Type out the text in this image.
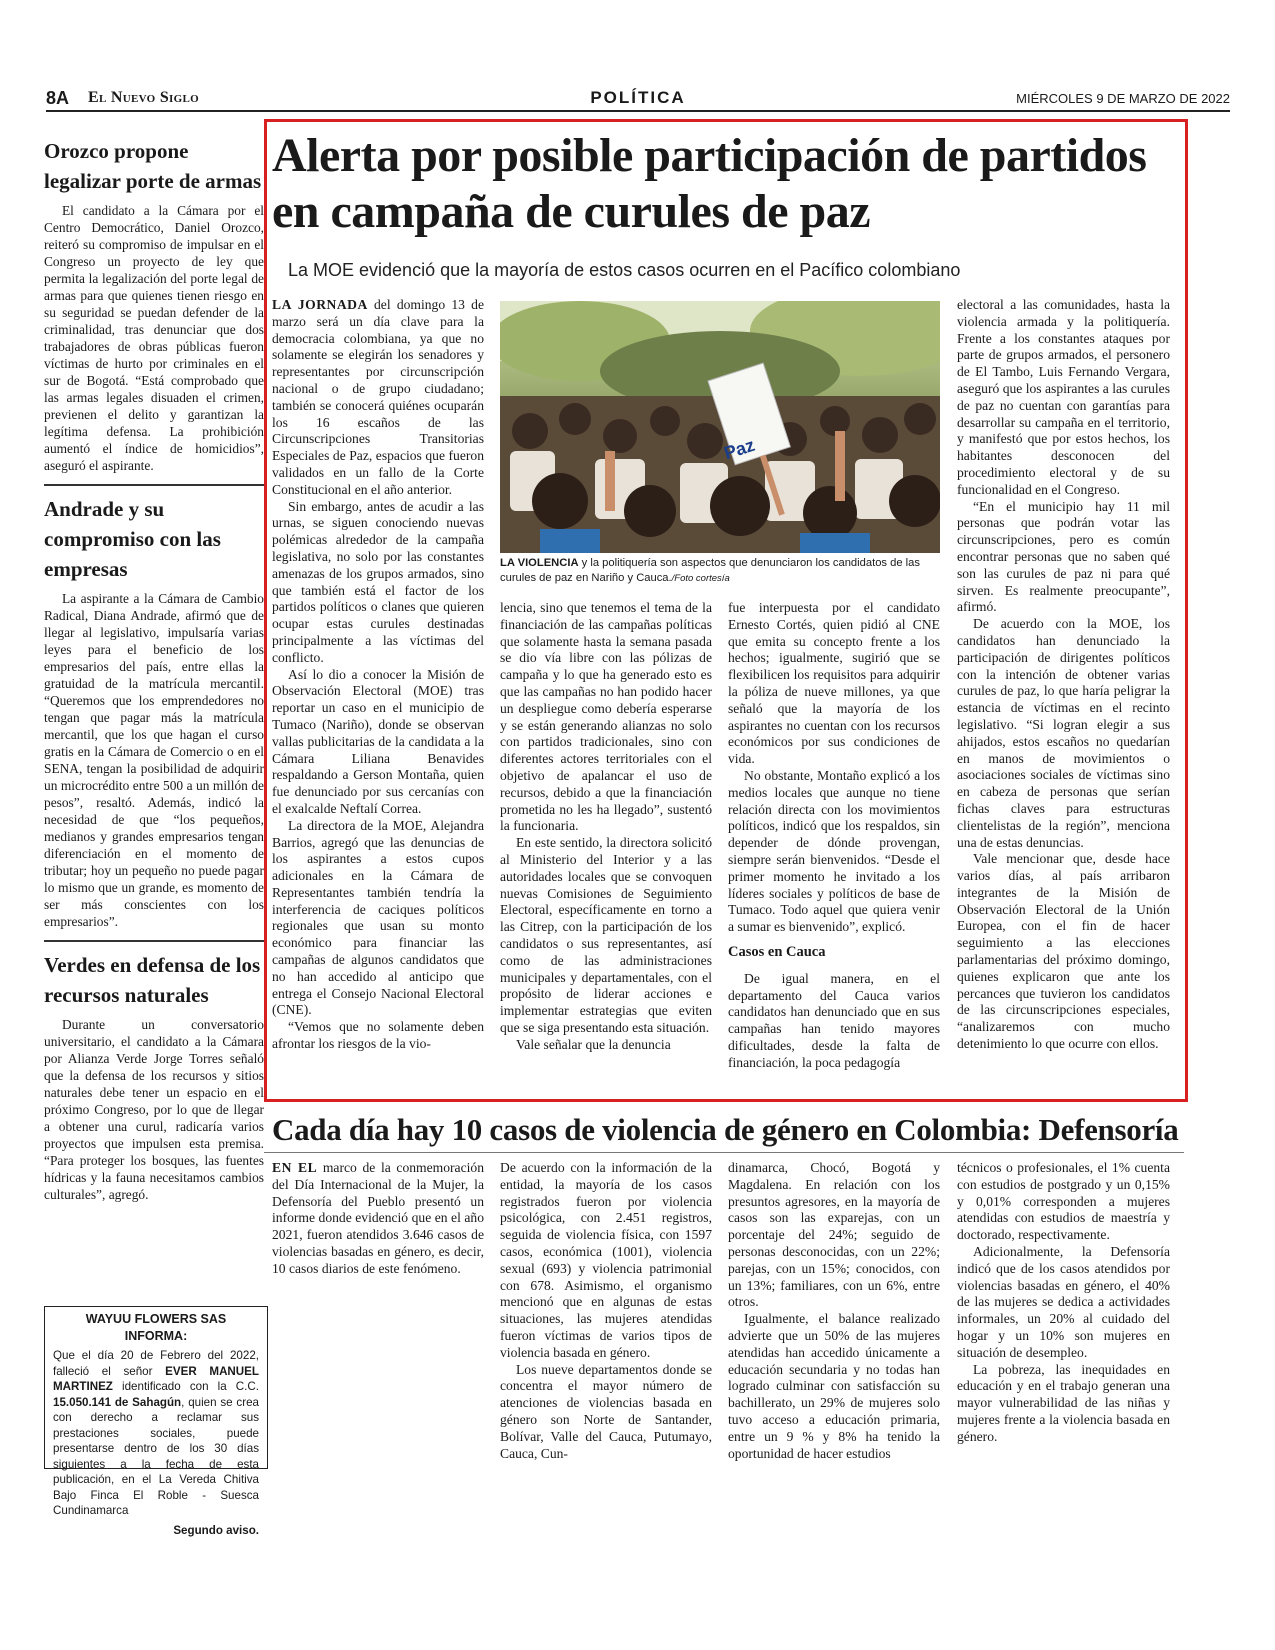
8A El Nuevo Siglo	POLÍTICA	MIÉRCOLES 9 DE MARZO DE 2022
Orozco propone legalizar porte de armas

El candidato a la Cámara por el Centro Democrático, Daniel Orozco, reiteró su compromiso de impulsar en el Congreso un proyecto de ley que permita la legalización del porte legal de armas para que quienes tienen riesgo en su seguridad se puedan defender de la criminalidad, tras denunciar que dos trabajadores de obras públicas fueron víctimas de hurto por criminales en el sur de Bogotá. “Está comprobado que las armas legales disuaden el crimen, previenen el delito y garantizan la legítima defensa. La prohibición aumentó el índice de homicidios”, aseguró el aspirante.

Andrade y su compromiso con las empresas

La aspirante a la Cámara de Cambio Radical, Diana Andrade, afirmó que de llegar al legislativo, impulsaría varias leyes para el beneficio de los empresarios del país, entre ellas la gratuidad de la matrícula mercantil. “Queremos que los emprendedores no tengan que pagar más la matrícula mercantil, que los que hagan el curso gratis en la Cámara de Comercio o en el SENA, tengan la posibilidad de adquirir un microcrédito entre 500 a un millón de pesos”, resaltó. Además, indicó la necesidad de que “los pequeños, medianos y grandes empresarios tengan diferenciación en el momento de tributar; hoy un pequeño no puede pagar lo mismo que un grande, es momento de ser más conscientes con los empresarios”.

Verdes en defensa de los recursos naturales

Durante un conversatorio universitario, el candidato a la Cámara por Alianza Verde Jorge Torres señaló que la defensa de los recursos y sitios naturales debe tener un espacio en el próximo Congreso, por lo que de llegar a obtener una curul, radicaría varios proyectos que impulsen esta premisa. “Para proteger los bosques, las fuentes hídricas y la fauna necesitamos cambios culturales”, agregó.

WAYUU FLOWERS SAS
INFORMA:
Que el día 20 de Febrero del 2022, falleció el señor EVER MANUEL MARTINEZ identificado con la C.C. 15.050.141 de Sahagún, quien se crea con derecho a reclamar sus prestaciones sociales, puede presentarse dentro de los 30 días siguientes a la fecha de esta publicación, en el La Vereda Chitiva Bajo Finca El Roble - Suesca Cundinamarca
Segundo aviso.
Alerta por posible participación de partidos en campaña de curules de paz
La MOE evidenció que la mayoría de estos casos ocurren en el Pacífico colombiano

LA JORNADA del domingo 13 de marzo será un día clave para la democracia colombiana, ya que no solamente se elegirán los senadores y representantes por circunscripción nacional o de grupo ciudadano; también se conocerá quiénes ocuparán los 16 escaños de las Circunscripciones Transitorias Especiales de Paz, espacios que fueron validados en un fallo de la Corte Constitucional en el año anterior.

Sin embargo, antes de acudir a las urnas, se siguen conociendo nuevas polémicas alrededor de la campaña legislativa, no solo por las constantes amenazas de los grupos armados, sino que también está el factor de los partidos políticos o clanes que quieren ocupar estas curules destinadas principalmente a las víctimas del conflicto.

Así lo dio a conocer la Misión de Observación Electoral (MOE) tras reportar un caso en el municipio de Tumaco (Nariño), donde se observan vallas publicitarias de la candidata a la Cámara Liliana Benavides respaldando a Gerson Montaña, quien fue denunciado por sus cercanías con el exalcalde Neftalí Correa.

La directora de la MOE, Alejandra Barrios, agregó que las denuncias de los aspirantes a estos cupos adicionales en la Cámara de Representantes también tendría la interferencia de caciques políticos regionales que usan su monto económico para financiar las campañas de algunos candidatos que no han accedido al anticipo que entrega el Consejo Nacional Electoral (CNE).

“Vemos que no solamente deben afrontar los riesgos de la vio-

Paz
LA VIOLENCIA y la politiquería son aspectos que denunciaron los candidatos de las curules de paz en Nariño y Cauca./Foto cortesía

lencia, sino que tenemos el tema de la financiación de las campañas políticas que solamente hasta la semana pasada se dio vía libre con las pólizas de campaña y lo que ha generado esto es que las campañas no han podido hacer un despliegue como debería esperarse y se están generando alianzas no solo con partidos tradicionales, sino con diferentes actores territoriales con el objetivo de apalancar el uso de recursos, debido a que la financiación prometida no les ha llegado”, sustentó la funcionaria.

En este sentido, la directora solicitó al Ministerio del Interior y a las autoridades locales que se convoquen nuevas Comisiones de Seguimiento Electoral, específicamente en torno a las Citrep, con la participación de los candidatos o sus representantes, así como de las administraciones municipales y departamentales, con el propósito de liderar acciones e implementar estrategias que eviten que se siga presentando esta situación.

Vale señalar que la denuncia

fue interpuesta por el candidato Ernesto Cortés, quien pidió al CNE que emita su concepto frente a los hechos; igualmente, sugirió que se flexibilicen los requisitos para adquirir la póliza de nueve millones, ya que señaló que la mayoría de los aspirantes no cuentan con los recursos económicos por sus condiciones de vida.

No obstante, Montaño explicó a los medios locales que aunque no tiene relación directa con los movimientos políticos, indicó que los respaldos, sin depender de dónde provengan, siempre serán bienvenidos. “Desde el primer momento he invitado a los líderes sociales y políticos de base de Tumaco. Todo aquel que quiera venir a sumar es bienvenido”, explicó.

Casos en Cauca

De igual manera, en el departamento del Cauca varios candidatos han denunciado que en sus campañas han tenido mayores dificultades, desde la falta de financiación, la poca pedagogía

electoral a las comunidades, hasta la violencia armada y la politiquería. Frente a los constantes ataques por parte de grupos armados, el personero de El Tambo, Luis Fernando Vergara, aseguró que los aspirantes a las curules de paz no cuentan con garantías para desarrollar su campaña en el territorio, y manifestó que por estos hechos, los habitantes desconocen del procedimiento electoral y de su funcionalidad en el Congreso.

“En el municipio hay 11 mil personas que podrán votar las circunscripciones, pero es común encontrar personas que no saben qué son las curules de paz ni para qué sirven. Es realmente preocupante”, afirmó.

De acuerdo con la MOE, los candidatos han denunciado la participación de dirigentes políticos con la intención de obtener varias curules de paz, lo que haría peligrar la estancia de víctimas en el recinto legislativo. “Si logran elegir a sus ahijados, estos escaños no quedarían en manos de movimientos o asociaciones sociales de víctimas sino en cabeza de personas que serían fichas claves para estructuras clientelistas de la región”, menciona una de estas denuncias.

Vale mencionar que, desde hace varios días, al país arribaron integrantes de la Misión de Observación Electoral de la Unión Europea, con el fin de hacer seguimiento a las elecciones parlamentarias del próximo domingo, quienes explicaron que ante los percances que tuvieron los candidatos de las circunscripciones especiales, “analizaremos con mucho detenimiento lo que ocurre con ellos.

Cada día hay 10 casos de violencia de género en Colombia: Defensoría

EN EL marco de la conmemoración del Día Internacional de la Mujer, la Defensoría del Pueblo presentó un informe donde evidenció que en el año 2021, fueron atendidos 3.646 casos de violencias basadas en género, es decir, 10 casos diarios de este fenómeno.

De acuerdo con la información de la entidad, la mayoría de los casos registrados fueron por violencia psicológica, con 2.451 registros, seguida de violencia física, con 1597 casos, económica (1001), violencia sexual (693) y violencia patrimonial con 678. Asimismo, el organismo mencionó que en algunas de estas situaciones, las mujeres atendidas fueron víctimas de varios tipos de violencia basada en género.

Los nueve departamentos donde se concentra el mayor número de atenciones de violencias basada en género son Norte de Santander, Bolívar, Valle del Cauca, Putumayo, Cauca, Cun-

dinamarca, Chocó, Bogotá y Magdalena. En relación con los presuntos agresores, en la mayoría de casos son las exparejas, con un porcentaje del 24%; seguido de personas desconocidas, con un 22%; parejas, con un 15%; conocidos, con un 13%; familiares, con un 6%, entre otros.

Igualmente, el balance realizado advierte que un 50% de las mujeres atendidas han accedido únicamente a educación secundaria y no todas han logrado culminar con satisfacción su bachillerato, un 29% de mujeres solo tuvo acceso a educación primaria, entre un 9 % y 8% ha tenido la oportunidad de hacer estudios

técnicos o profesionales, el 1% cuenta con estudios de postgrado y un 0,15% y 0,01% corresponden a mujeres atendidas con estudios de maestría y doctorado, respectivamente.

Adicionalmente, la Defensoría indicó que de los casos atendidos por violencias basadas en género, el 40% de las mujeres se dedica a actividades informales, un 20% al cuidado del hogar y un 10% son mujeres en situación de desempleo.

La pobreza, las inequidades en educación y en el trabajo generan una mayor vulnerabilidad de las niñas y mujeres frente a la violencia basada en género.
